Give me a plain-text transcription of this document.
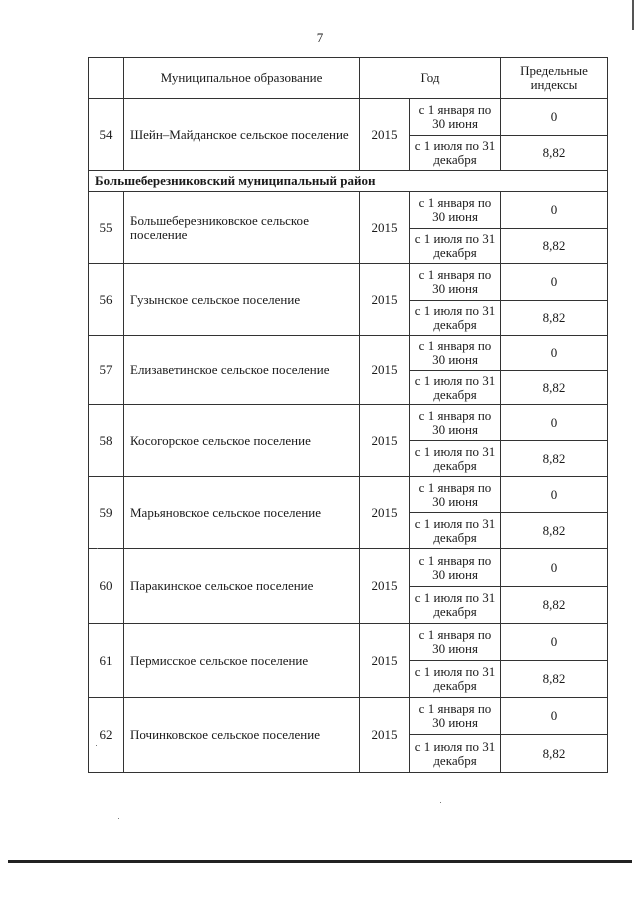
7
	Муниципальное образование	Год		Предельные индексы
54	Шейн–Майданское сельское поселение	2015	с 1 января по 30 июня	0
			с 1 июля по 31 декабря	8,82
Большеберезниковский муниципальный район				
55	Большеберезниковское сельское поселение	2015	с 1 января по 30 июня	0
			с 1 июля по 31 декабря	8,82
56	Гузынское сельское поселение	2015	с 1 января по 30 июня	0
			с 1 июля по 31 декабря	8,82
57	Елизаветинское сельское поселение	2015	с 1 января по 30 июня	0
			с 1 июля по 31 декабря	8,82
58	Косогорское сельское поселение	2015	с 1 января по 30 июня	0
			с 1 июля по 31 декабря	8,82
59	Марьяновское сельское поселение	2015	с 1 января по 30 июня	0
			с 1 июля по 31 декабря	8,82
60	Паракинское сельское поселение	2015	с 1 января по 30 июня	0
			с 1 июля по 31 декабря	8,82
61	Пермисское сельское поселение	2015	с 1 января по 30 июня	0
			с 1 июля по 31 декабря	8,82
62	Починковское сельское поселение	2015	с 1 января по 30 июня	0
			с 1 июля по 31 декабря	8,82
